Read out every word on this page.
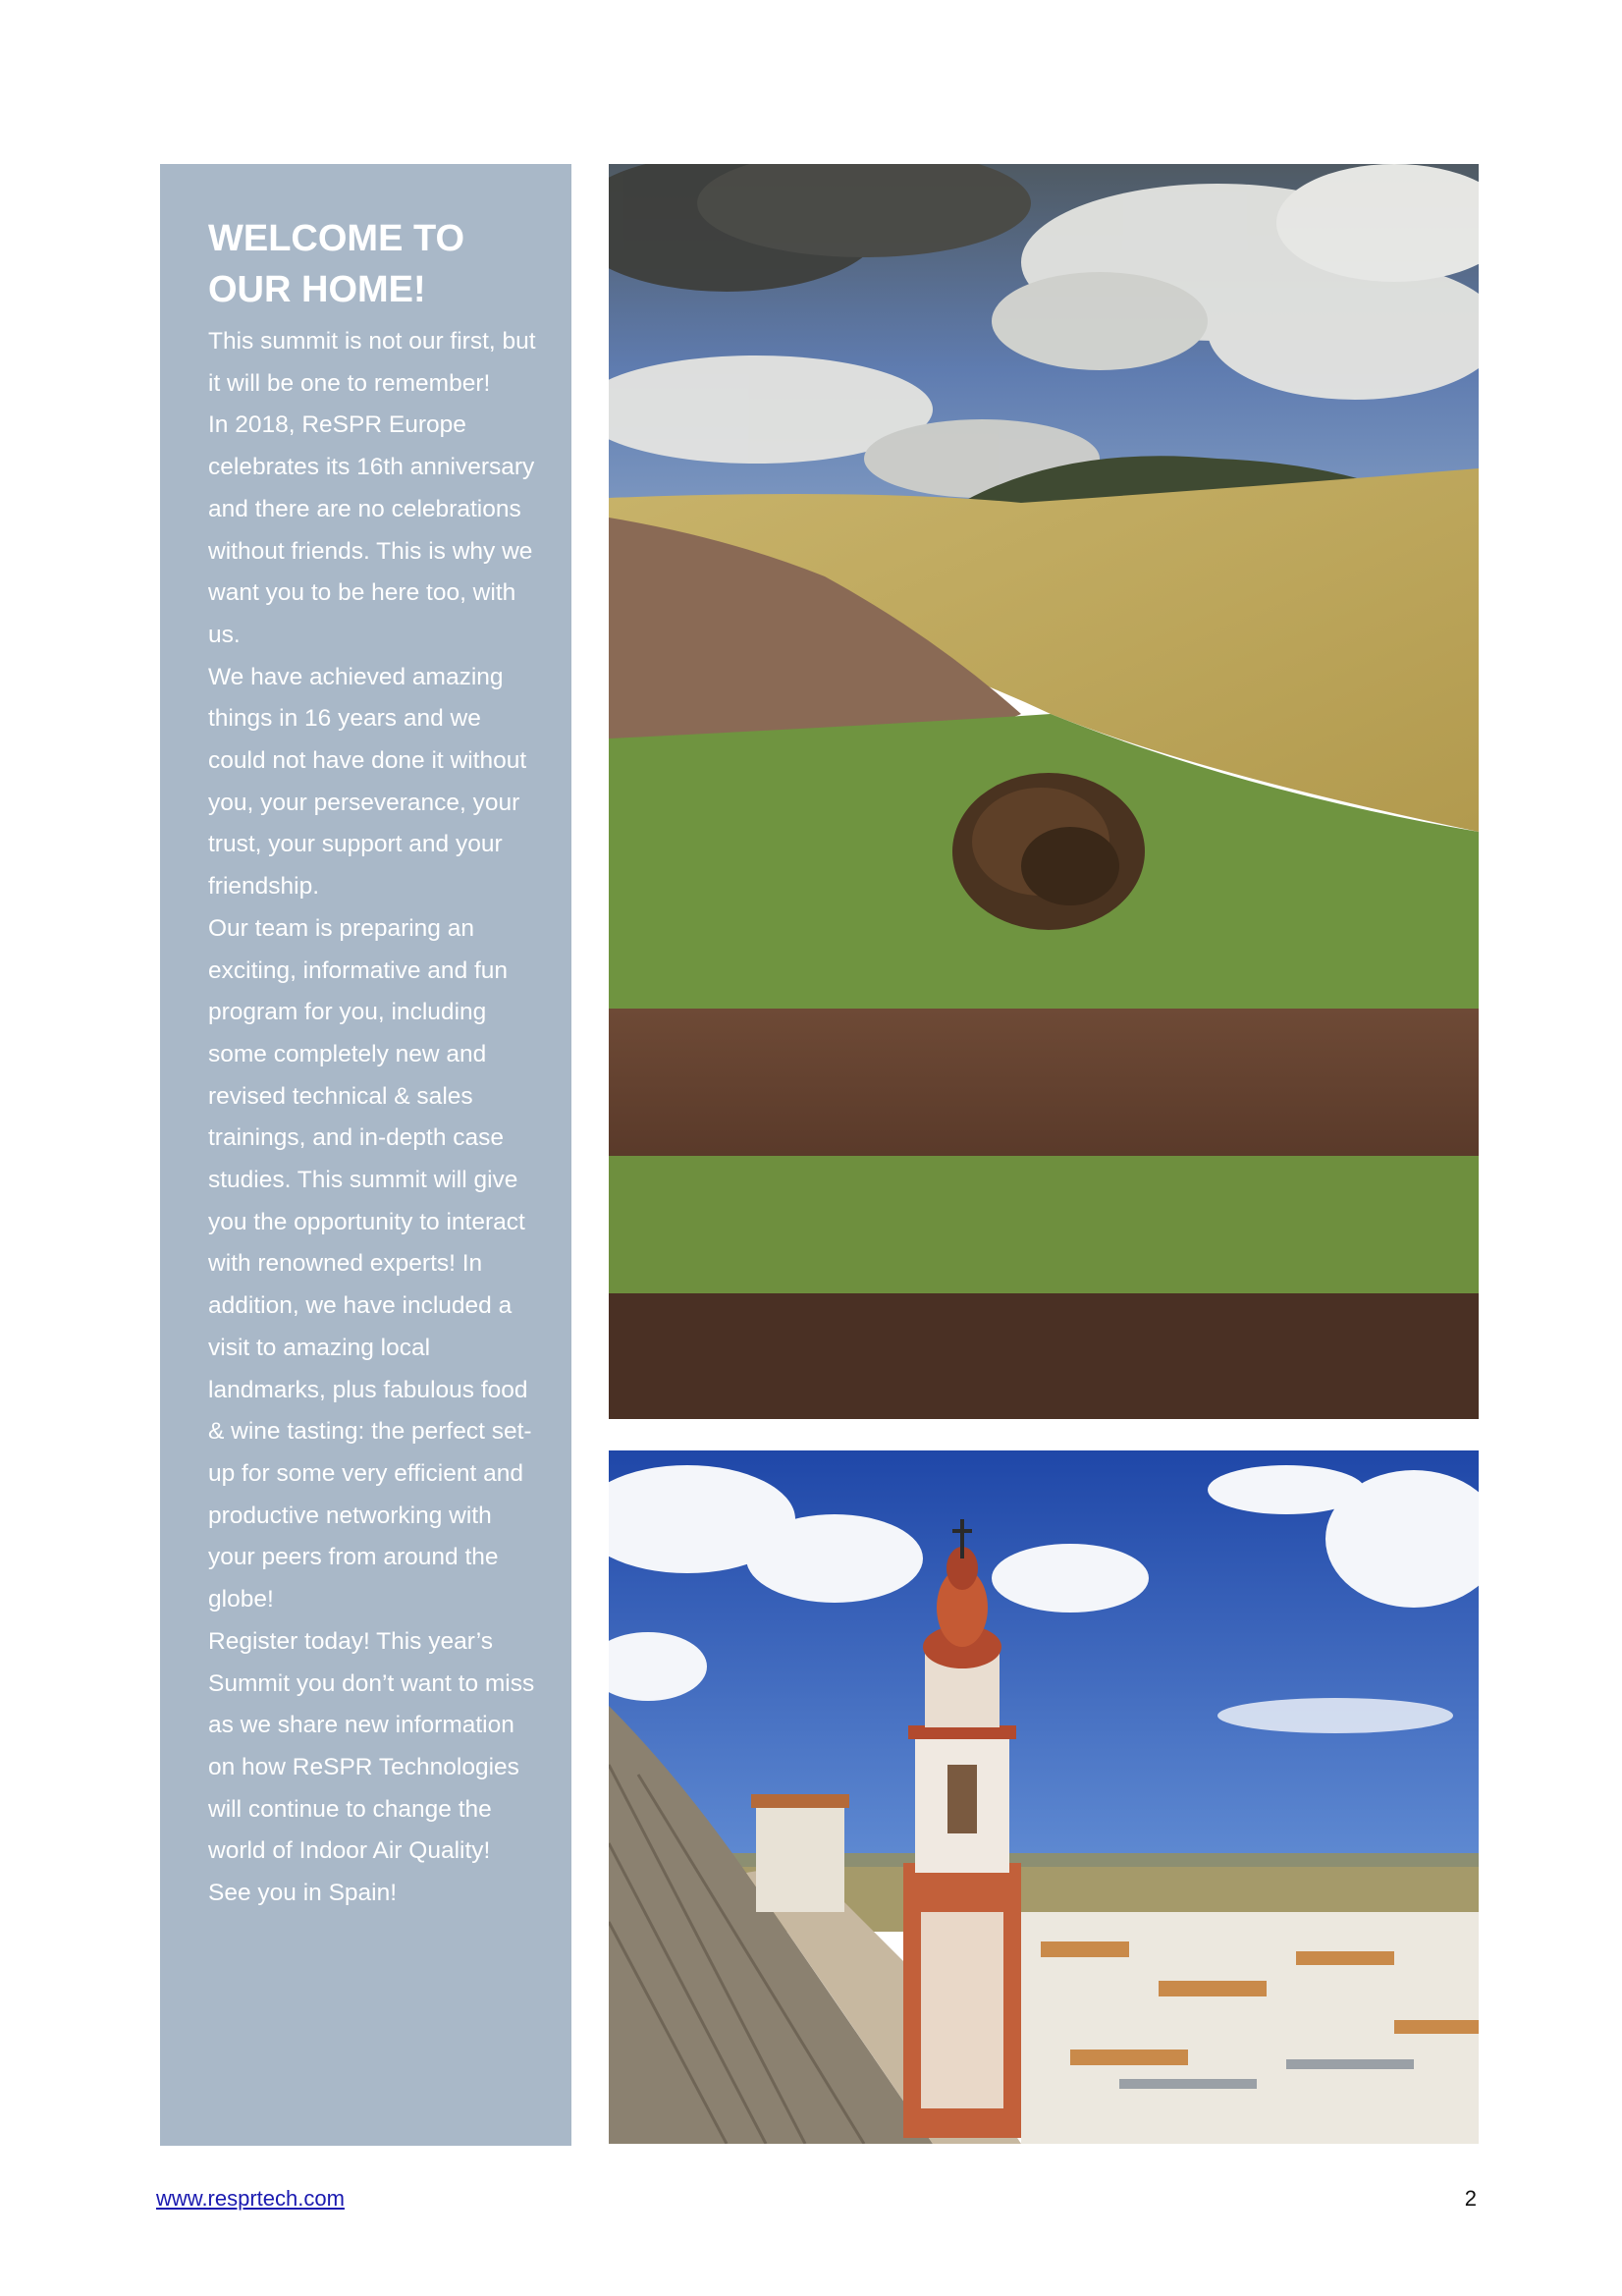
WELCOME TO OUR HOME!

This summit is not our first, but it will be one to remember!

In 2018, ReSPR Europe celebrates its 16th anniversary and there are no celebrations without friends. This is why we want you to be here too, with us.

We have achieved amazing things in 16 years and we could not have done it without you, your perseverance, your trust, your support and your friendship.

Our team is preparing an exciting, informative and fun program for you, including some completely new and revised technical & sales trainings, and in-depth case studies. This summit will give you the opportunity to interact with renowned experts! In addition, we have included a visit to amazing local landmarks, plus fabulous food & wine tasting: the perfect set-up for some very efficient and productive networking with your peers from around the globe!

Register today! This year’s Summit you don’t want to miss as we share new information on how ReSPR Technologies will continue to change the world of Indoor Air Quality!

See you in Spain!

www.resprtech.com	2
